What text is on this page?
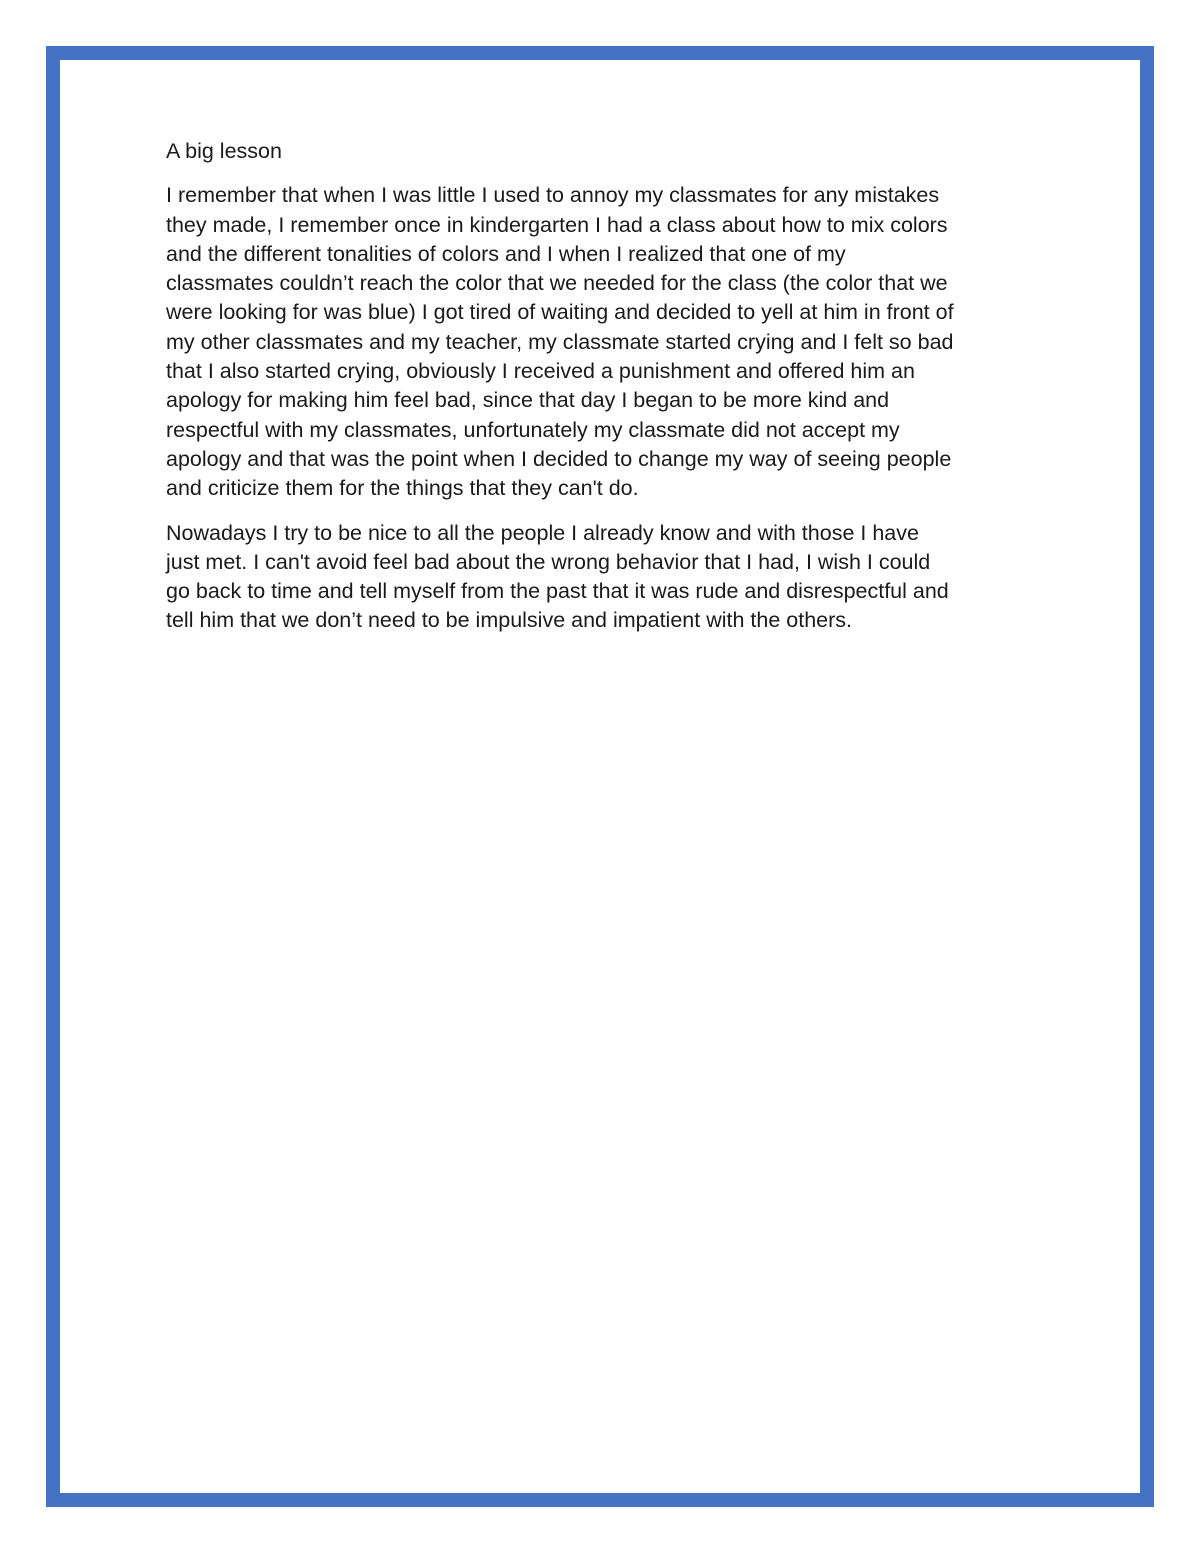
A big lesson

I remember that when I was little I used to annoy my classmates for any mistakes
they made, I remember once in kindergarten I had a class about how to mix colors
and the different tonalities of colors and I when I realized that one of my
classmates couldn’t reach the color that we needed for the class (the color that we
were looking for was blue) I got tired of waiting and decided to yell at him in front of
my other classmates and my teacher, my classmate started crying and I felt so bad
that I also started crying, obviously I received a punishment and offered him an
apology for making him feel bad, since that day I began to be more kind and
respectful with my classmates, unfortunately my classmate did not accept my
apology and that was the point when I decided to change my way of seeing people
and criticize them for the things that they can't do.

Nowadays I try to be nice to all the people I already know and with those I have
just met. I can't avoid feel bad about the wrong behavior that I had, I wish I could
go back to time and tell myself from the past that it was rude and disrespectful and
tell him that we don’t need to be impulsive and impatient with the others.
